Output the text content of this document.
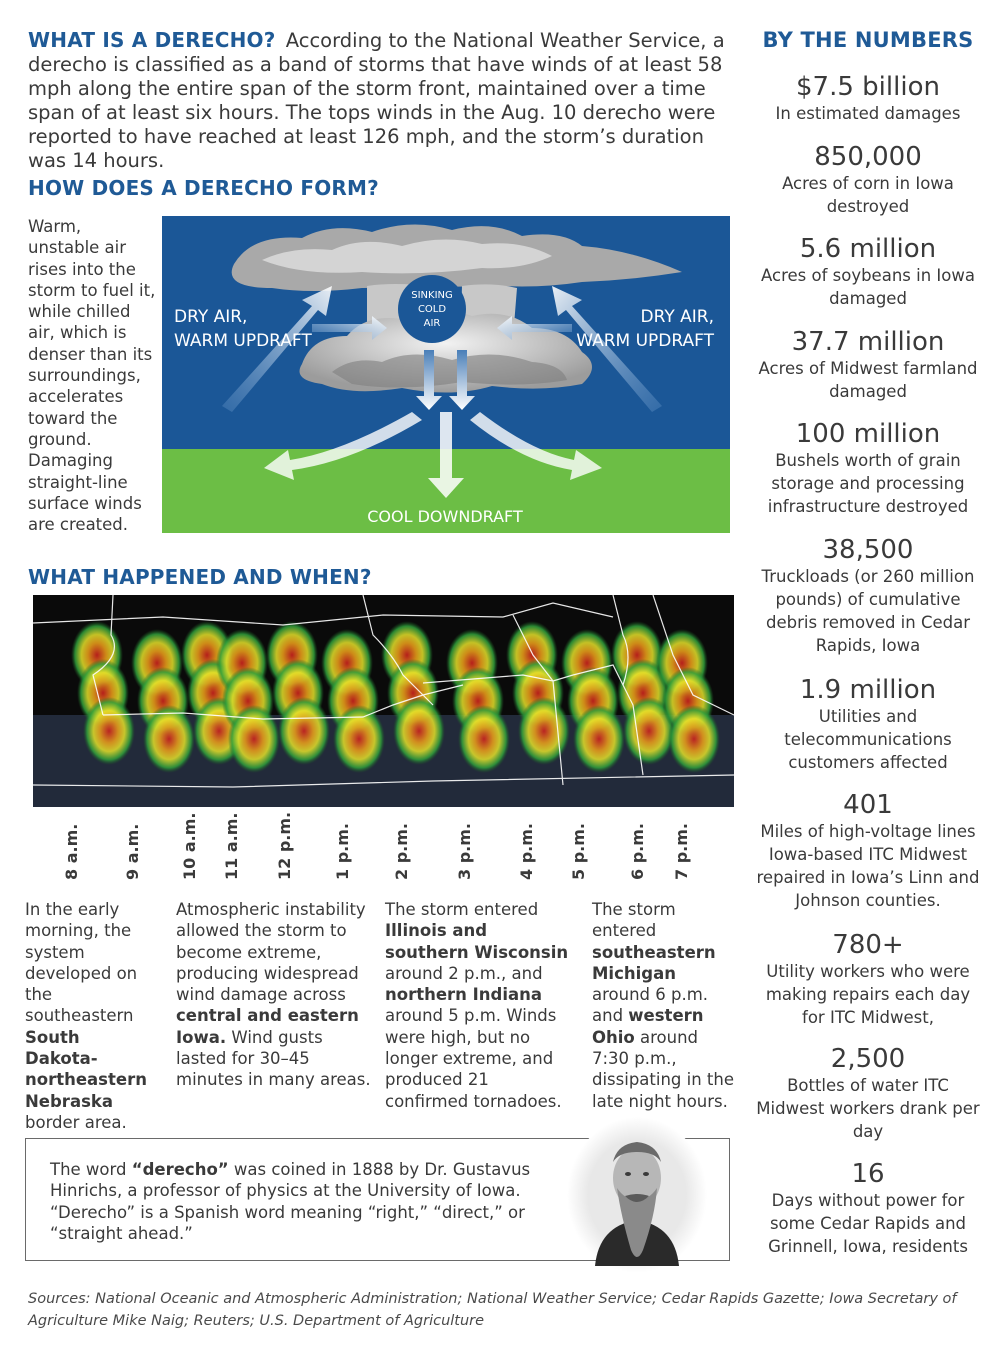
WHAT IS A DERECHO? According to the National Weather Service, a derecho is classified as a band of storms that have winds of at least 58 mph along the entire span of the storm front, maintained over a time span of at least six hours. The tops winds in the Aug. 10 derecho were reported to have reached at least 126 mph, and the storm’s duration was 14 hours.
HOW DOES A DERECHO FORM?
Warm, unstable air rises into the storm to fuel it, while chilled air, which is denser than its surroundings, accelerates toward the ground. Damaging straight-line surface winds are created.
DRY AIR,
WARM UPDRAFT
DRY AIR,
WARM UPDRAFT
SINKING
COLD
AIR
COOL DOWNDRAFT
WHAT HAPPENED AND WHEN?
8 a.m.	9 a.m. 10 a.m. 11 a.m. 12 p.m. 1 p.m.	2 p.m.	3 p.m.	4 p.m. 5 p.m.	6 p.m. 7 p.m.
In the early morning, the system developed on the southeastern South Dakota-northeastern Nebraska border area.
Atmospheric instability allowed the storm to become extreme, producing widespread wind damage across central and eastern Iowa. Wind gusts lasted for 30–45 minutes in many areas.
The storm entered Illinois and southern Wisconsin around 2 p.m., and northern Indiana around 5 p.m. Winds were high, but no longer extreme, and produced 21 confirmed tornadoes.
The storm entered southeastern Michigan around 6 p.m. and western Ohio around 7:30 p.m., dissipating in the late night hours.
The word “derecho” was coined in 1888 by Dr. Gustavus Hinrichs, a professor of physics at the University of Iowa. “Derecho” is a Spanish word meaning “right,” “direct,” or “straight ahead.”
Sources: National Oceanic and Atmospheric Administration; National Weather Service; Cedar Rapids Gazette; Iowa Secretary of Agriculture Mike Naig; Reuters; U.S. Department of Agriculture
BY THE NUMBERS
$7.5 billion
In estimated damages
850,000
Acres of corn in Iowa destroyed
5.6 million
Acres of soybeans in Iowa damaged
37.7 million
Acres of Midwest farmland damaged
100 million
Bushels worth of grain storage and processing infrastructure destroyed
38,500
Truckloads (or 260 million pounds) of cumulative debris removed in Cedar Rapids, Iowa
1.9 million
Utilities and telecommunications customers affected
401
Miles of high-voltage lines Iowa-based ITC Midwest repaired in Iowa’s Linn and Johnson counties.
780+
Utility workers who were making repairs each day for ITC Midwest,
2,500
Bottles of water ITC Midwest workers drank per day
16
Days without power for some Cedar Rapids and Grinnell, Iowa, residents
